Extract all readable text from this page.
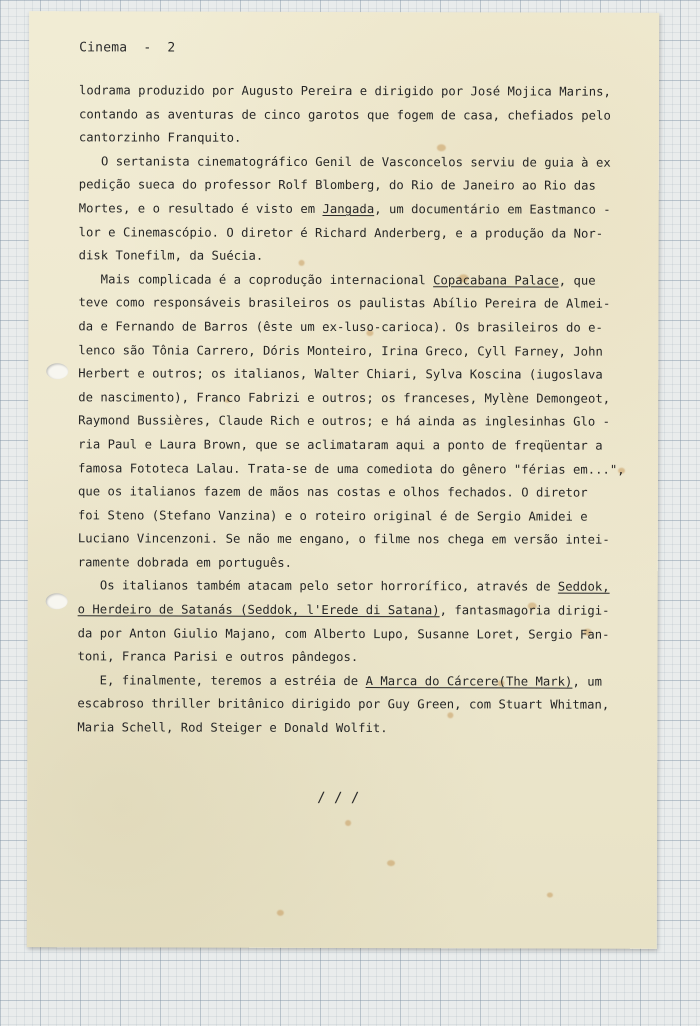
Cinema  -  2
lodrama produzido por Augusto Pereira e dirigido por José Mojica Marins,
contando as aventuras de cinco garotos que fogem de casa, chefiados pelo
cantorzinho Franquito.
O sertanista cinematográfico Genil de Vasconcelos serviu de guia à ex
pedição sueca do professor Rolf Blomberg, do Rio de Janeiro ao Rio das
Mortes, e o resultado é visto em Jangada, um documentário em Eastmanco -
lor e Cinemascópio. O diretor é Richard Anderberg, e a produção da Nor-
disk Tonefilm, da Suécia.
Mais complicada é a coprodução internacional Copacabana Palace, que
teve como responsáveis brasileiros os paulistas Abílio Pereira de Almei-
da e Fernando de Barros (êste um ex-luso-carioca). Os brasileiros do e-
lenco são Tônia Carrero, Dóris Monteiro, Irina Greco, Cyll Farney, John
Herbert e outros; os italianos, Walter Chiari, Sylva Koscina (iugoslava
de nascimento), Franco Fabrizi e outros; os franceses, Mylène Demongeot,
Raymond Bussières, Claude Rich e outros; e há ainda as inglesinhas Glo -
ria Paul e Laura Brown, que se aclimataram aqui a ponto de freqüentar a
famosa Fototeca Lalau. Trata-se de uma comediota do gênero "férias em...",
que os italianos fazem de mãos nas costas e olhos fechados. O diretor
foi Steno (Stefano Vanzina) e o roteiro original é de Sergio Amidei e
Luciano Vincenzoni. Se não me engano, o filme nos chega em versão intei-
ramente dobrada em português.
Os italianos também atacam pelo setor horrorífico, através de Seddok,
o Herdeiro de Satanás (Seddok, l'Erede di Satana), fantasmagoria dirigi-
da por Anton Giulio Majano, com Alberto Lupo, Susanne Loret, Sergio Fan-
toni, Franca Parisi e outros pândegos.
E, finalmente, teremos a estréia de A Marca do Cárcere(The Mark), um
escabroso thriller britânico dirigido por Guy Green, com Stuart Whitman,
Maria Schell, Rod Steiger e Donald Wolfit.
/ / /
